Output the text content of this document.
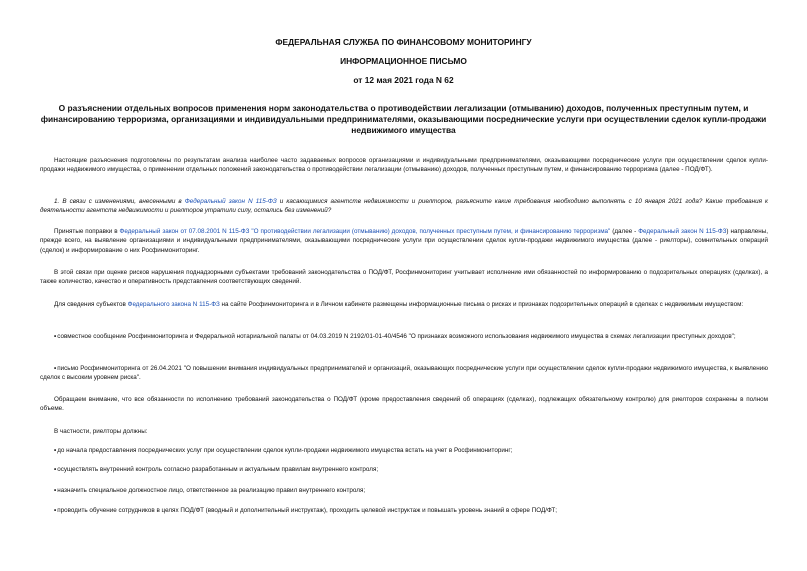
ФЕДЕРАЛЬНАЯ СЛУЖБА ПО ФИНАНСОВОМУ МОНИТОРИНГУ
ИНФОРМАЦИОННОЕ ПИСЬМО
от 12 мая 2021 года N 62
О разъяснении отдельных вопросов применения норм законодательства о противодействии легализации (отмыванию) доходов, полученных преступным путем, и финансированию терроризма, организациями и индивидуальными предпринимателями, оказывающими посреднические услуги при осуществлении сделок купли-продажи недвижимого имущества
Настоящие разъяснения подготовлены по результатам анализа наиболее часто задаваемых вопросов организациями и индивидуальными предпринимателями, оказывающими посреднические услуги при осуществлении сделок купли-продажи недвижимого имущества, о применении отдельных положений законодательства о противодействии легализации (отмыванию) доходов, полученных преступным путем, и финансированию терроризма (далее - ПОД/ФТ).
1. В связи с изменениями, внесенными в Федеральный закон N 115-ФЗ и касающимися агентств недвижимости и риелторов, разъясните какие требования необходимо выполнять с 10 января 2021 года? Какие требования к деятельности агентств недвижимости и риелторов утратили силу, остались без изменений?
Принятые поправки в Федеральный закон от 07.08.2001 N 115-ФЗ "О противодействии легализации (отмыванию) доходов, полученных преступным путем, и финансированию терроризма" (далее - Федеральный закон N 115-ФЗ) направлены, прежде всего, на выявление организациями и индивидуальными предпринимателями, оказывающими посреднические услуги при осуществлении сделок купли-продажи недвижимого имущества (далее - риелторы), сомнительных операций (сделок) и информирование о них Росфинмониторинг.
В этой связи при оценке рисков нарушения поднадзорными субъектами требований законодательства о ПОД/ФТ, Росфинмониторинг учитывает исполнение ими обязанностей по информированию о подозрительных операциях (сделках), а также количество, качество и оперативность представления соответствующих сведений.
Для сведения субъектов Федерального закона N 115-ФЗ на сайте Росфинмониторинга и в Личном кабинете размещены информационные письма о рисках и признаках подозрительных операций в сделках с недвижимым имуществом:
•совместное сообщение Росфинмониторинга и Федеральной нотариальной палаты от 04.03.2019 N 2192/01-01-40/4546 "О признаках возможного использования недвижимого имущества в схемах легализации преступных доходов";
•письмо Росфинмониторинга от 26.04.2021 "О повышении внимания индивидуальных предпринимателей и организаций, оказывающих посреднические услуги при осуществлении сделок купли-продажи недвижимого имущества, к выявлению сделок с высоким уровнем риска".
Обращаем внимание, что все обязанности по исполнению требований законодательства о ПОД/ФТ (кроме предоставления сведений об операциях (сделках), подлежащих обязательному контролю) для риелторов сохранены в полном объеме.
В частности, риелторы должны:
•до начала предоставления посреднических услуг при осуществлении сделок купли-продажи недвижимого имущества встать на учет в Росфинмониторинг;
•осуществлять внутренний контроль согласно разработанным и актуальным правилам внутреннего контроля;
•назначить специальное должностное лицо, ответственное за реализацию правил внутреннего контроля;
•проводить обучение сотрудников в целях ПОД/ФТ (вводный и дополнительный инструктаж), проходить целевой инструктаж и повышать уровень знаний в сфере ПОД/ФТ;
